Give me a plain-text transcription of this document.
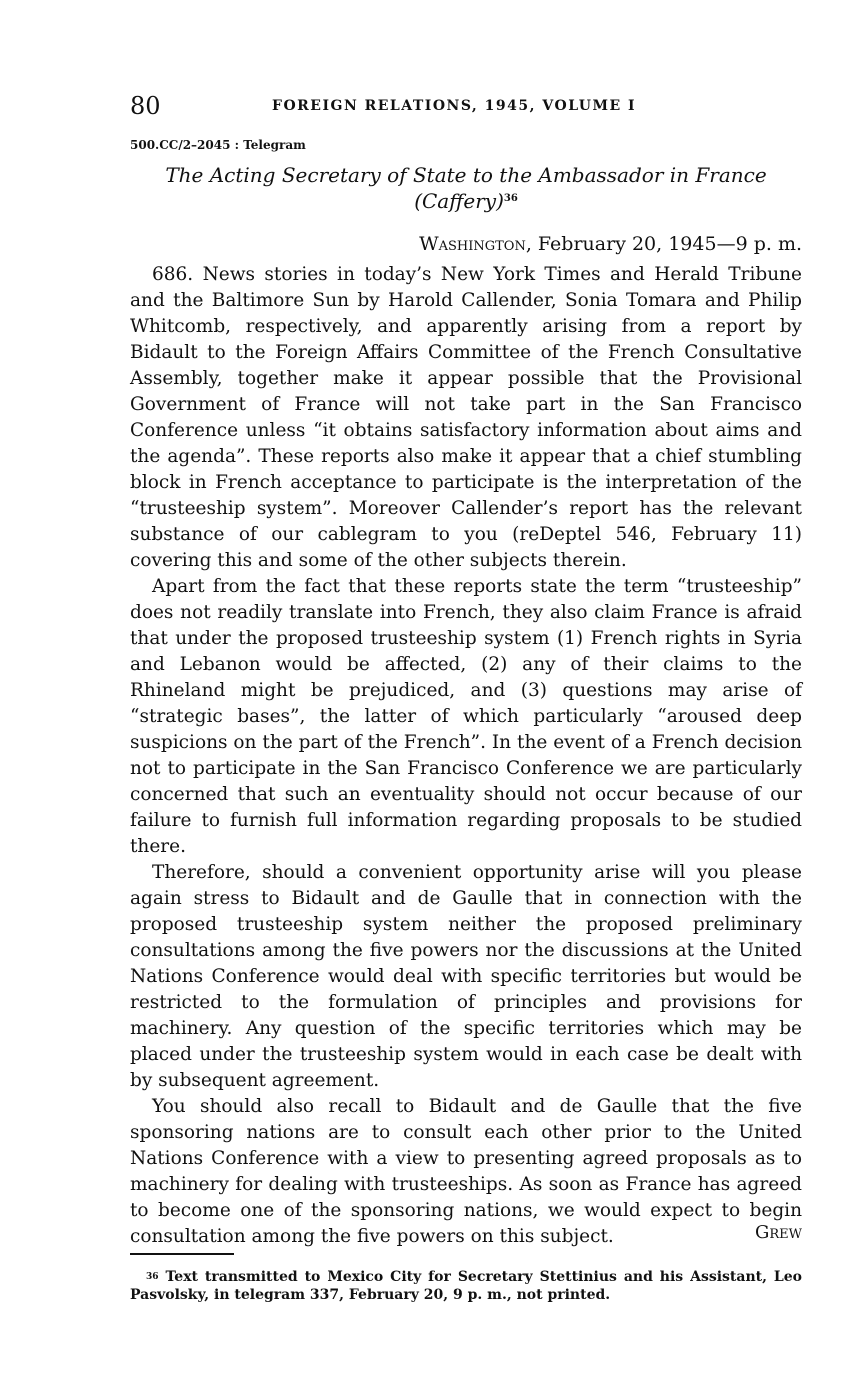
80	FOREIGN RELATIONS, 1945, VOLUME I
500.CC/2–2045 : Telegram
The Acting Secretary of State to the Ambassador in France (Caffery)$^{36}$
Washington, February 20, 1945—9 p. m.

686. News stories in today’s New York Times and Herald Tribune and the Baltimore Sun by Harold Callender, Sonia Tomara and Philip Whitcomb, respectively, and apparently arising from a report by Bidault to the Foreign Affairs Committee of the French Consultative Assembly, together make it appear possible that the Provisional Government of France will not take part in the San Francisco Conference unless “it obtains satisfactory information about aims and the agenda”. These reports also make it appear that a chief stumbling block in French acceptance to participate is the interpretation of the “trusteeship system”. Moreover Callender’s report has the relevant substance of our cablegram to you (reDeptel 546, February 11) covering this and some of the other subjects therein.

Apart from the fact that these reports state the term “trusteeship” does not readily translate into French, they also claim France is afraid that under the proposed trusteeship system (1) French rights in Syria and Lebanon would be affected, (2) any of their claims to the Rhineland might be prejudiced, and (3) questions may arise of “strategic bases”, the latter of which particularly “aroused deep suspicions on the part of the French”. In the event of a French decision not to participate in the San Francisco Conference we are particularly concerned that such an eventuality should not occur because of our failure to furnish full information regarding proposals to be studied there.

Therefore, should a convenient opportunity arise will you please again stress to Bidault and de Gaulle that in connection with the proposed trusteeship system neither the proposed preliminary consultations among the five powers nor the discussions at the United Nations Conference would deal with specific territories but would be restricted to the formulation of principles and provisions for machinery. Any question of the specific territories which may be placed under the trusteeship system would in each case be dealt with by subsequent agreement.

You should also recall to Bidault and de Gaulle that the five sponsoring nations are to consult each other prior to the United Nations Conference with a view to presenting agreed proposals as to machinery for dealing with trusteeships. As soon as France has agreed to become one of the sponsoring nations, we would expect to begin consultation among the five powers on this subject.	Grew
$^{36}$ Text transmitted to Mexico City for Secretary Stettinius and his Assistant, Leo Pasvolsky, in telegram 337, February 20, 9 p. m., not printed.
